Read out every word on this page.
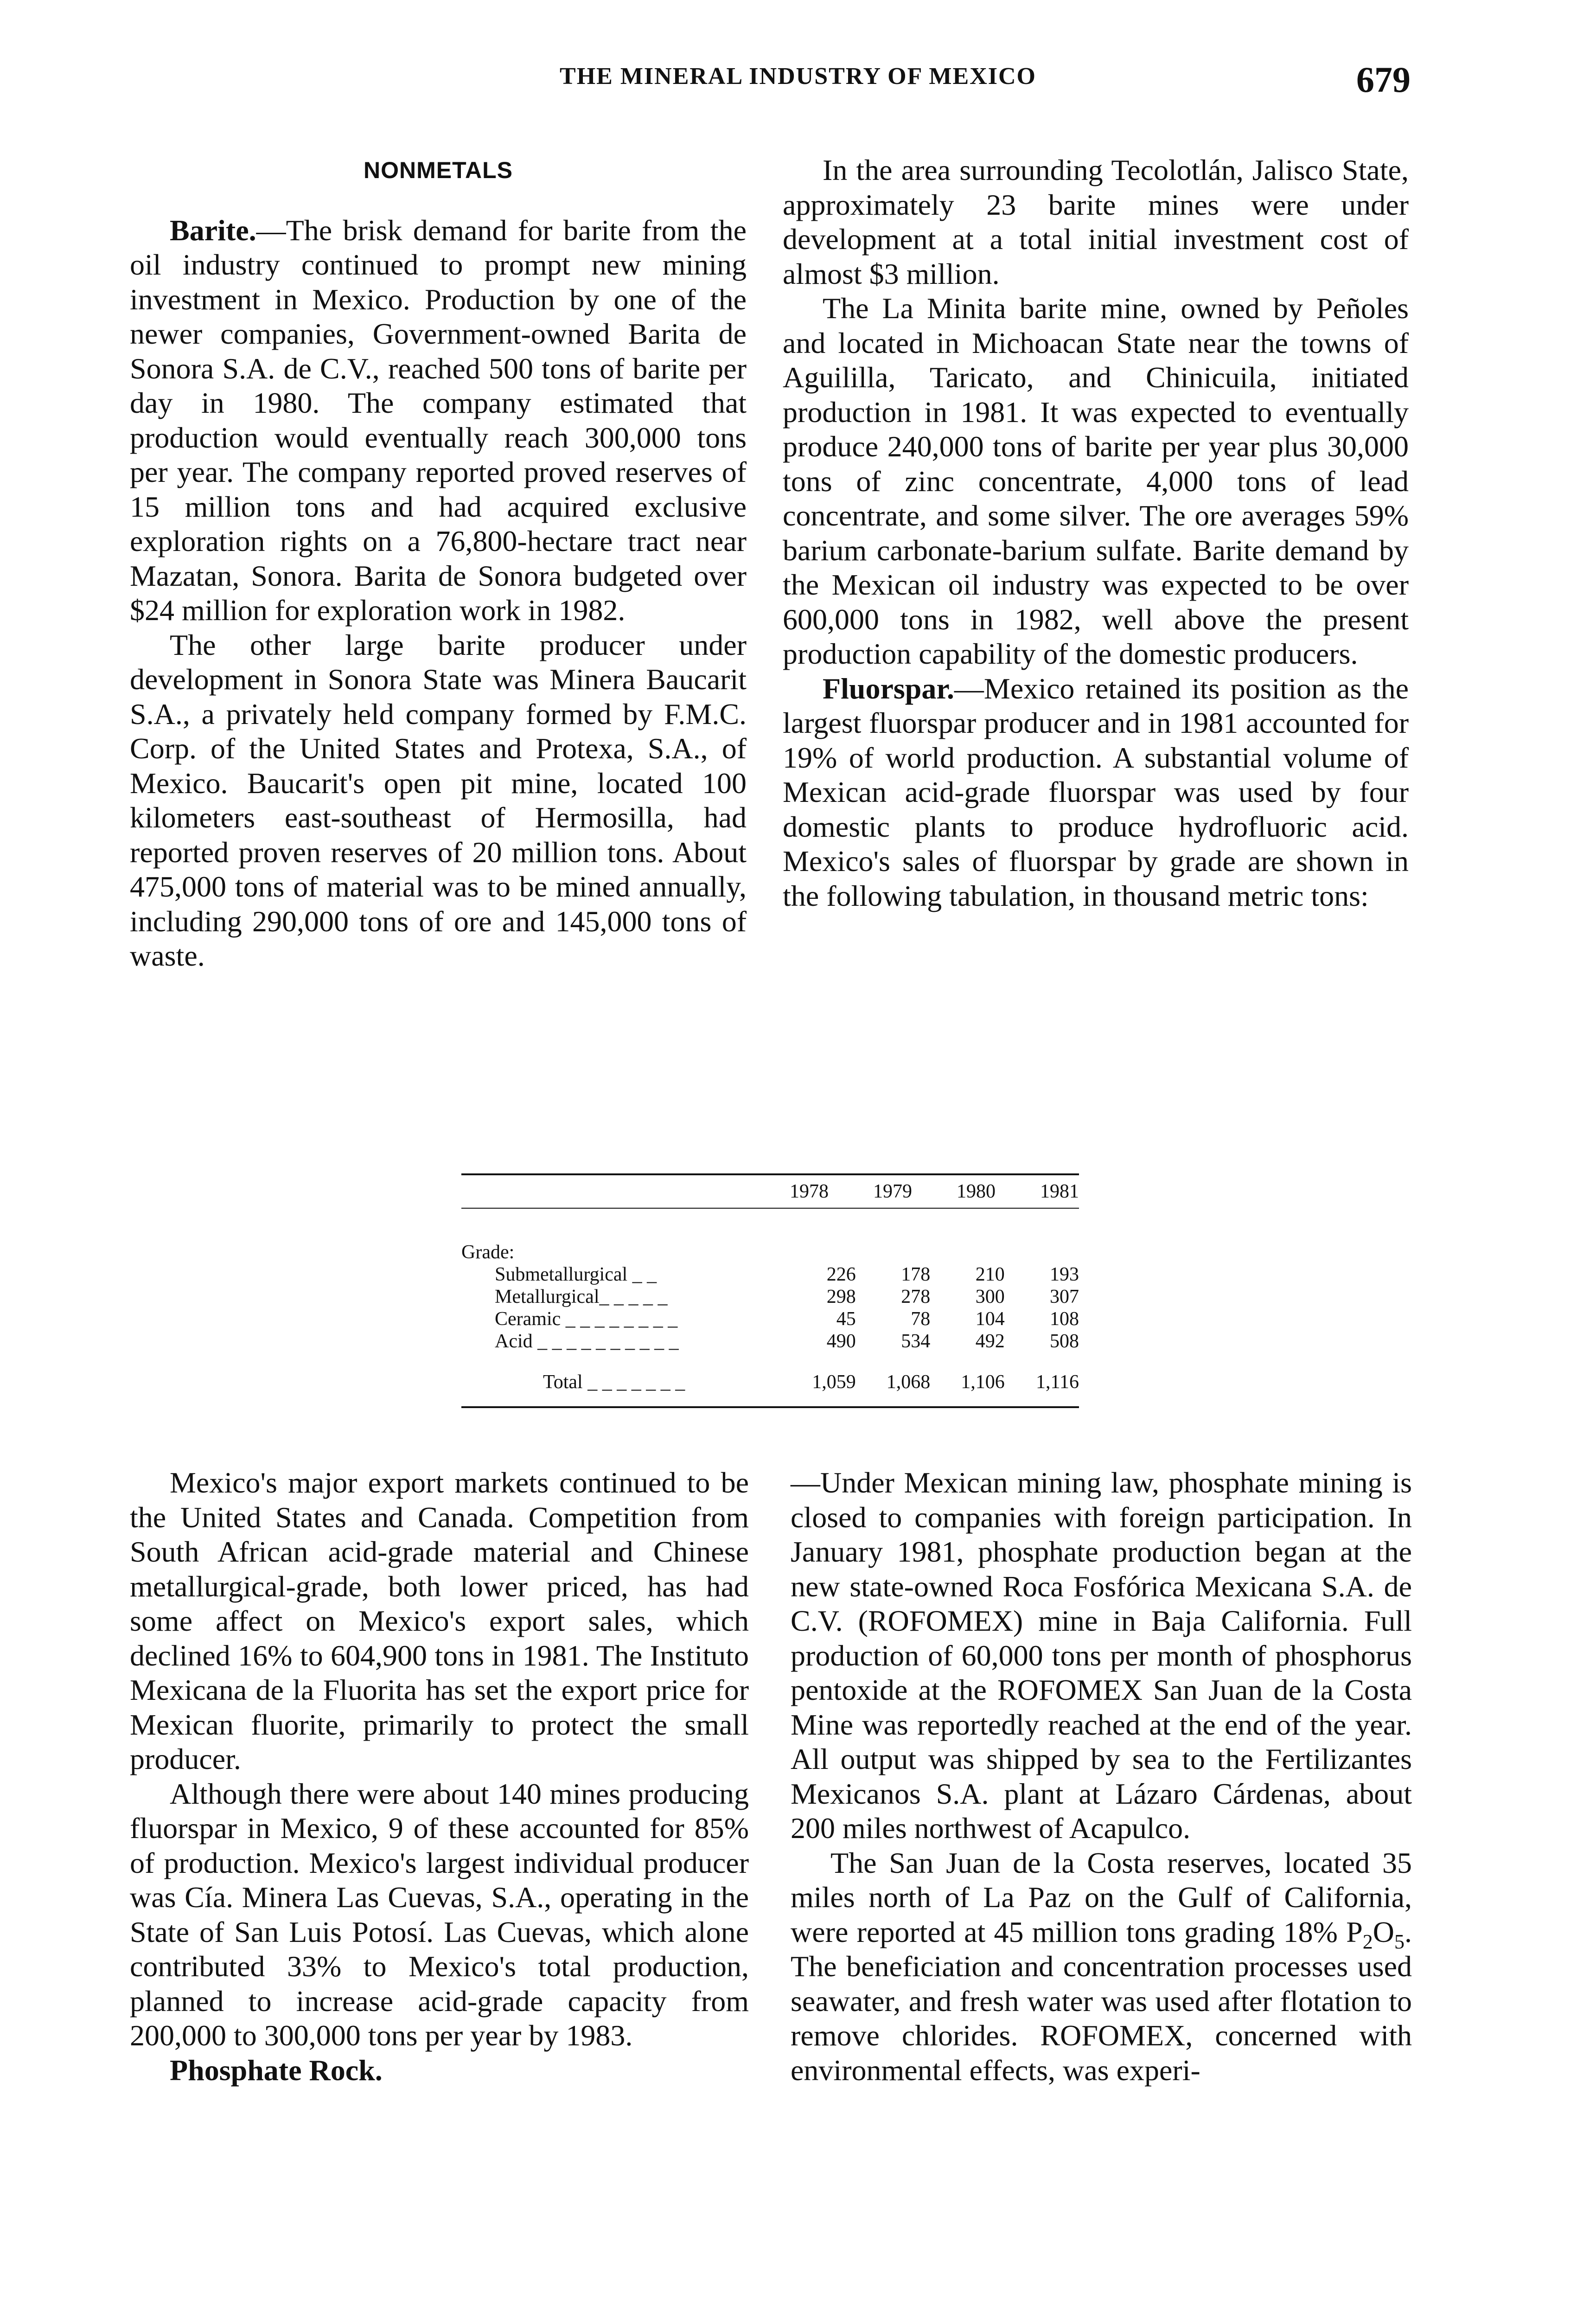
THE MINERAL INDUSTRY OF MEXICO	679
NONMETALS

Barite.—The brisk demand for barite from the oil industry continued to prompt new mining investment in Mexico. Production by one of the newer companies, Government-owned Barita de Sonora S.A. de C.V., reached 500 tons of barite per day in 1980. The company estimated that production would eventually reach 300,000 tons per year. The company reported proved reserves of 15 million tons and had acquired exclusive exploration rights on a 76,800-hectare tract near Mazatan, Sonora. Barita de Sonora budgeted over $24 million for exploration work in 1982.

The other large barite producer under development in Sonora State was Minera Baucarit S.A., a privately held company formed by F.M.C. Corp. of the United States and Protexa, S.A., of Mexico. Baucarit's open pit mine, located 100 kilometers east-southeast of Hermosilla, had reported proven reserves of 20 million tons. About 475,000 tons of material was to be mined annually, including 290,000 tons of ore and 145,000 tons of waste.

In the area surrounding Tecolotlán, Jalisco State, approximately 23 barite mines were under development at a total initial investment cost of almost $3 million.

The La Minita barite mine, owned by Peñoles and located in Michoacan State near the towns of Aguililla, Taricato, and Chinicuila, initiated production in 1981. It was expected to eventually produce 240,000 tons of barite per year plus 30,000 tons of zinc concentrate, 4,000 tons of lead concentrate, and some silver. The ore averages 59% barium carbonate-barium sulfate. Barite demand by the Mexican oil industry was expected to be over 600,000 tons in 1982, well above the present production capability of the domestic producers.

Fluorspar.—Mexico retained its position as the largest fluorspar producer and in 1981 accounted for 19% of world production. A substantial volume of Mexican acid-grade fluorspar was used by four domestic plants to produce hydrofluoric acid. Mexico's sales of fluorspar by grade are shown in the following tabulation, in thousand metric tons:

	1978	1979	1980	1981
Grade:				
Submetallurgical _ _	226	178	210	193
Metallurgical_ _ _ _ _	298	278	300	307
Ceramic _ _ _ _ _ _ _ _	45	78	104	108
Acid _ _ _ _ _ _ _ _ _ _	490	534	492	508

Total _ _ _ _ _ _ _	1,059	1,068	1,106	1,116

Mexico's major export markets continued to be the United States and Canada. Competition from South African acid-grade material and Chinese metallurgical-grade, both lower priced, has had some affect on Mexico's export sales, which declined 16% to 604,900 tons in 1981. The Instituto Mexicana de la Fluorita has set the export price for Mexican fluorite, primarily to protect the small producer.

Although there were about 140 mines producing fluorspar in Mexico, 9 of these accounted for 85% of production. Mexico's largest individual producer was Cía. Minera Las Cuevas, S.A., operating in the State of San Luis Potosí. Las Cuevas, which alone contributed 33% to Mexico's total production, planned to increase acid-grade capacity from 200,000 to 300,000 tons per year by 1983.

Phosphate Rock.

—Under Mexican mining law, phosphate mining is closed to companies with foreign participation. In January 1981, phosphate production began at the new state-owned Roca Fosfórica Mexicana S.A. de C.V. (ROFOMEX) mine in Baja California. Full production of 60,000 tons per month of phosphorus pentoxide at the ROFOMEX San Juan de la Costa Mine was reportedly reached at the end of the year. All output was shipped by sea to the Fertilizantes Mexicanos S.A. plant at Lázaro Cárdenas, about 200 miles northwest of Acapulco.

The San Juan de la Costa reserves, located 35 miles north of La Paz on the Gulf of California, were reported at 45 million tons grading 18% $P_2O_5$. The beneficiation and concentration processes used seawater, and fresh water was used after flotation to remove chlorides. ROFOMEX, concerned with environmental effects, was experi-
